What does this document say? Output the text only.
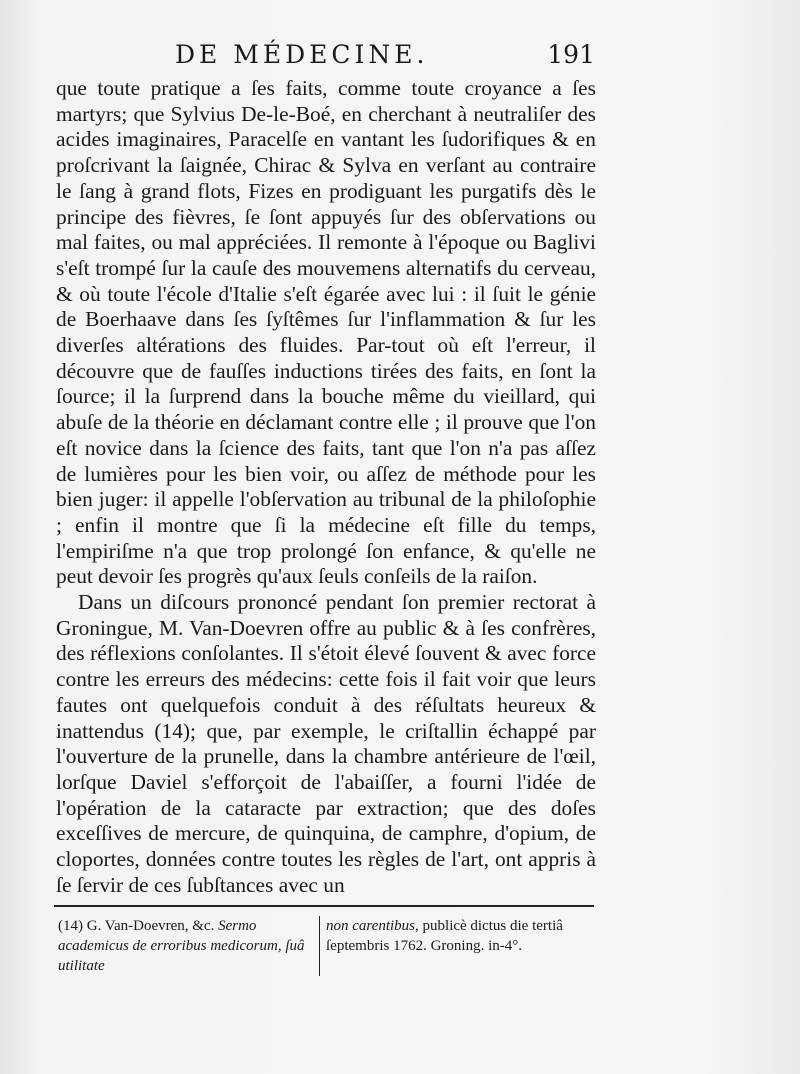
DE MÉDECINE.	191

que toute pratique a ſes faits, comme toute croyance a ſes martyrs; que Sylvius De-le-Boé, en cherchant à neutraliſer des acides imaginaires, Paracelſe en vantant les ſudorifiques & en proſcrivant la ſaignée, Chirac & Sylva en verſant au contraire le ſang à grand flots, Fizes en prodiguant les purgatifs dès le principe des fièvres, ſe ſont appuyés ſur des obſervations ou mal faites, ou mal appréciées. Il remonte à l'époque ou Baglivi s'eſt trompé ſur la cauſe des mouvemens alternatifs du cerveau, & où toute l'école d'Italie s'eſt égarée avec lui : il ſuit le génie de Boerhaave dans ſes ſyſtêmes ſur l'inflammation & ſur les diverſes altérations des fluides. Par-tout où eſt l'erreur, il découvre que de fauſſes inductions tirées des faits, en ſont la ſource; il la ſurprend dans la bouche même du vieillard, qui abuſe de la théorie en déclamant contre elle ; il prouve que l'on eſt novice dans la ſcience des faits, tant que l'on n'a pas aſſez de lumières pour les bien voir, ou aſſez de méthode pour les bien juger: il appelle l'obſervation au tribunal de la philoſophie ; enfin il montre que ſi la médecine eſt fille du temps, l'empiriſme n'a que trop prolongé ſon enfance, & qu'elle ne peut devoir ſes progrès qu'aux ſeuls conſeils de la raiſon.

Dans un diſcours prononcé pendant ſon premier rectorat à Groningue, M. Van-Doevren offre au public & à ſes confrères, des réflexions conſolantes. Il s'étoit élevé ſouvent & avec force contre les erreurs des médecins: cette fois il fait voir que leurs fautes ont quelquefois conduit à des réſultats heureux & inattendus (14); que, par exemple, le criſtallin échappé par l'ouverture de la prunelle, dans la chambre antérieure de l'œil, lorſque Daviel s'efforçoit de l'abaiſſer, a fourni l'idée de l'opération de la cataracte par extraction; que des doſes exceſſives de mercure, de quinquina, de camphre, d'opium, de cloportes, données contre toutes les règles de l'art, ont appris à ſe ſervir de ces ſubſtances avec un

(14) G. Van-Doevren, &c. Sermo academicus de erroribus medicorum, ſuâ utilitate
non carentibus, publicè dictus die tertiâ ſeptembris 1762. Groning. in-4°.
